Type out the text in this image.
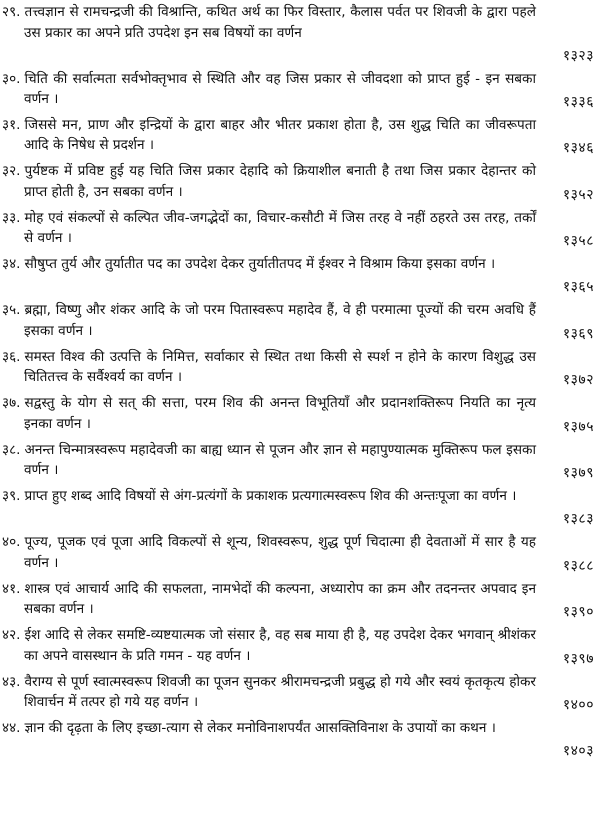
२९. तत्त्वज्ञान से रामचन्द्रजी की विश्रान्ति, कथित अर्थ का फिर विस्तार, कैलास पर्वत पर शिवजी के द्वारा पहले उस प्रकार का अपने प्रति उपदेश इन सब विषयों का वर्णन
१३२३
३०. चिति की सर्वात्मता सर्वभोक्तृभाव से स्थिति और वह जिस प्रकार से जीवदशा को प्राप्त हुई - इन सबका वर्णन ।	१३३६
३१. जिससे मन, प्राण और इन्द्रियों के द्वारा बाहर और भीतर प्रकाश होता है, उस शुद्ध चिति का जीवरूपता आदि के निषेध से प्रदर्शन ।	१३४६
३२. पुर्यष्टक में प्रविष्ट हुई यह चिति जिस प्रकार देहादि को क्रियाशील बनाती है तथा जिस प्रकार देहान्तर को प्राप्त होती है, उन सबका वर्णन ।	१३५२
३३. मोह एवं संकल्पों से कल्पित जीव-जगद्भेदों का, विचार-कसौटी में जिस तरह वे नहीं ठहरते उस तरह, तर्कों से वर्णन ।	१३५८
३४. सौषुप्त तुर्य और तुर्यातीत पद का उपदेश देकर तुर्यातीतपद में ईश्वर ने विश्राम किया इसका वर्णन ।
१३६५
३५. ब्रह्मा, विष्णु और शंकर आदि के जो परम पितास्वरूप महादेव हैं, वे ही परमात्मा पूज्यों की चरम अवधि हैं इसका वर्णन ।	१३६९
३६. समस्त विश्व की उत्पत्ति के निमित्त, सर्वाकार से स्थित तथा किसी से स्पर्श न होने के कारण विशुद्ध उस चितितत्त्व के सर्वैश्वर्य का वर्णन ।	१३७२
३७. सद्वस्तु के योग से सत् की सत्ता, परम शिव की अनन्त विभूतियाँ और प्रदानशक्तिरूप नियति का नृत्य इनका वर्णन ।	१३७५
३८. अनन्त चिन्मात्रस्वरूप महादेवजी का बाह्य ध्यान से पूजन और ज्ञान से महापुण्यात्मक मुक्तिरूप फल इसका वर्णन ।	१३७९
३९. प्राप्त हुए शब्द आदि विषयों से अंग-प्रत्यंगों के प्रकाशक प्रत्यगात्मस्वरूप शिव की अन्तःपूजा का वर्णन ।
१३८३
४०. पूज्य, पूजक एवं पूजा आदि विकल्पों से शून्य, शिवस्वरूप, शुद्ध पूर्ण चिदात्मा ही देवताओं में सार है यह वर्णन ।	१३८८
४१. शास्त्र एवं आचार्य आदि की सफलता, नामभेदों की कल्पना, अध्यारोप का क्रम और तदनन्तर अपवाद इन सबका वर्णन ।	१३९०
४२. ईश आदि से लेकर समष्टि-व्यष्टयात्मक जो संसार है, वह सब माया ही है, यह उपदेश देकर भगवान् श्रीशंकर का अपने वासस्थान के प्रति गमन - यह वर्णन ।	१३९७
४३. वैराग्य से पूर्ण स्वात्मस्वरूप शिवजी का पूजन सुनकर श्रीरामचन्द्रजी प्रबुद्ध हो गये और स्वयं कृतकृत्य होकर शिवार्चन में तत्पर हो गये यह वर्णन ।	१४००
४४. ज्ञान की दृढ़ता के लिए इच्छा-त्याग से लेकर मनोविनाशपर्यंत आसक्तिविनाश के उपायों का कथन ।
१४०३
